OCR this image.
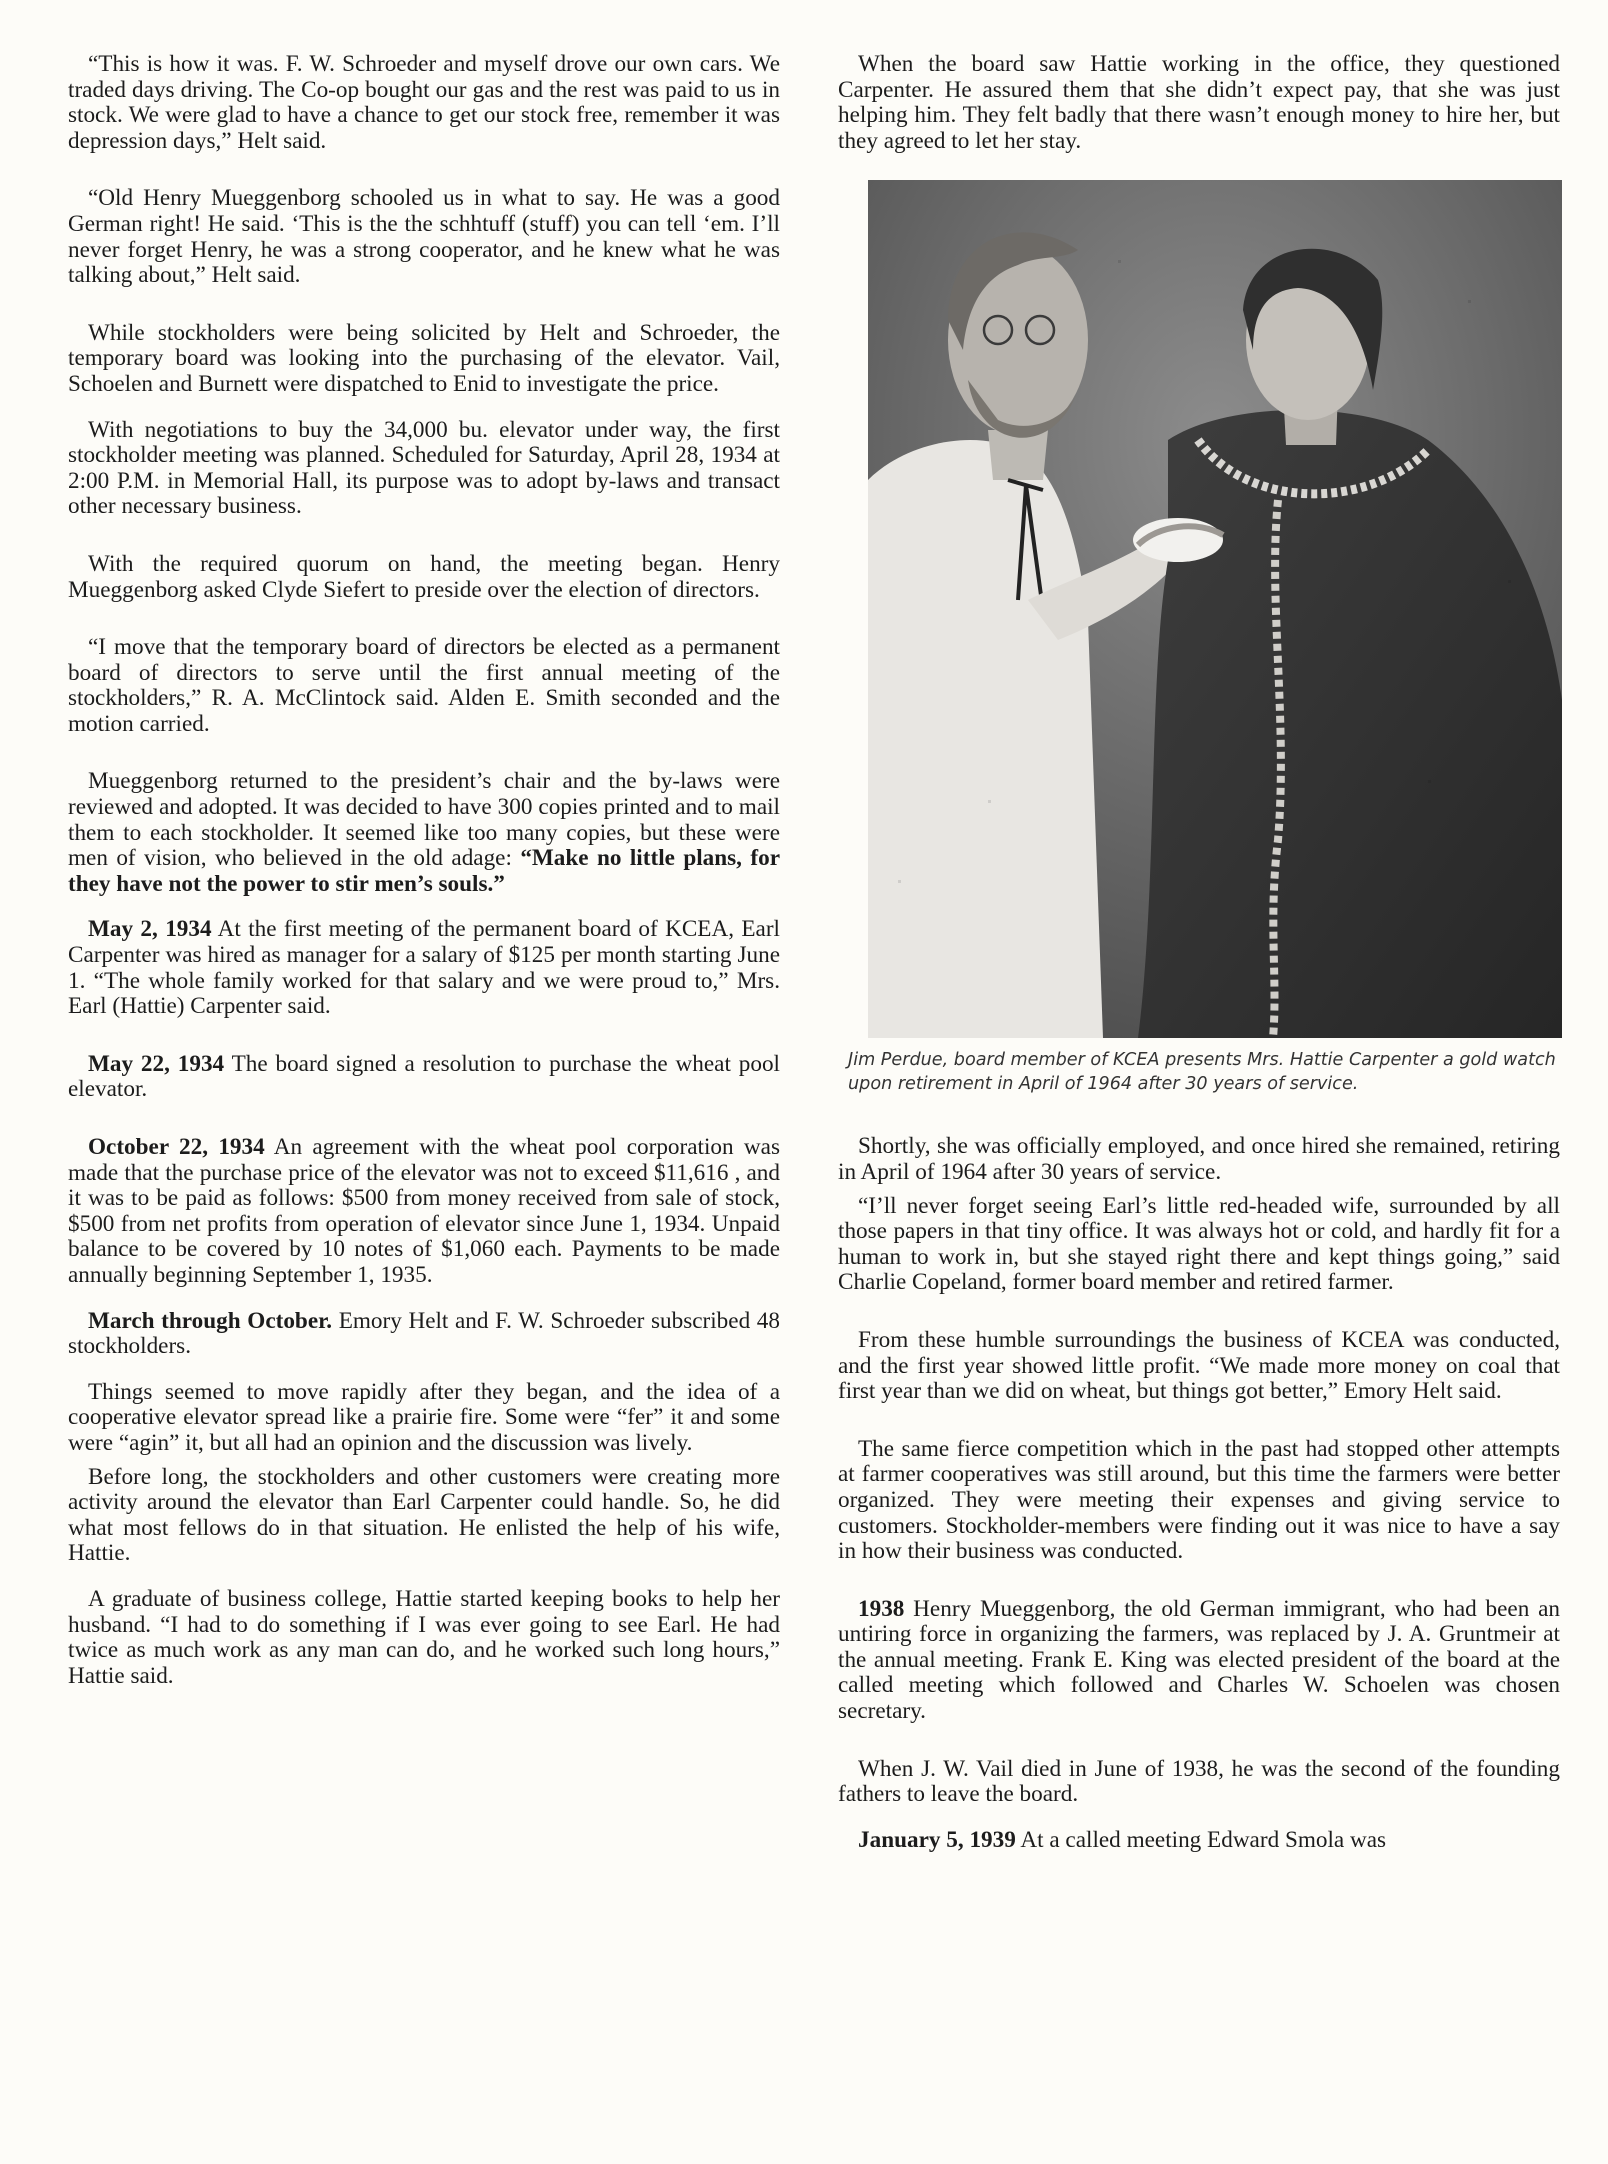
“This is how it was. F. W. Schroeder and myself drove our own cars. We traded days driving. The Co-op bought our gas and the rest was paid to us in stock. We were glad to have a chance to get our stock free, remember it was depression days,” Helt said.

“Old Henry Mueggenborg schooled us in what to say. He was a good German right! He said. ‘This is the the schhtuff (stuff) you can tell ‘em. I’ll never forget Henry, he was a strong cooperator, and he knew what he was talking about,” Helt said.

While stockholders were being solicited by Helt and Schroeder, the temporary board was looking into the purchasing of the elevator. Vail, Schoelen and Burnett were dispatched to Enid to investigate the price.

With negotiations to buy the 34,000 bu. elevator under way, the first stockholder meeting was planned. Scheduled for Saturday, April 28, 1934 at 2:00 P.M. in Memorial Hall, its purpose was to adopt by-laws and transact other necessary business.

With the required quorum on hand, the meeting began. Henry Mueggenborg asked Clyde Siefert to preside over the election of directors.

“I move that the temporary board of directors be elected as a permanent board of directors to serve until the first annual meeting of the stockholders,” R. A. McClintock said. Alden E. Smith seconded and the motion carried.

Mueggenborg returned to the president’s chair and the by-laws were reviewed and adopted. It was decided to have 300 copies printed and to mail them to each stockholder. It seemed like too many copies, but these were men of vision, who believed in the old adage: “Make no little plans, for they have not the power to stir men’s souls.”

May 2, 1934 At the first meeting of the permanent board of KCEA, Earl Carpenter was hired as manager for a salary of $125 per month starting June 1. “The whole family worked for that salary and we were proud to,” Mrs. Earl (Hattie) Carpenter said.

May 22, 1934 The board signed a resolution to purchase the wheat pool elevator.

October 22, 1934 An agreement with the wheat pool corporation was made that the purchase price of the elevator was not to exceed $11,616 , and it was to be paid as follows: $500 from money received from sale of stock, $500 from net profits from operation of elevator since June 1, 1934. Unpaid balance to be covered by 10 notes of $1,060 each. Payments to be made annually beginning September 1, 1935.

March through October. Emory Helt and F. W. Schroeder subscribed 48 stockholders.

Things seemed to move rapidly after they began, and the idea of a cooperative elevator spread like a prairie fire. Some were “fer” it and some were “agin” it, but all had an opinion and the discussion was lively.

Before long, the stockholders and other customers were creating more activity around the elevator than Earl Carpenter could handle. So, he did what most fellows do in that situation. He enlisted the help of his wife, Hattie.

A graduate of business college, Hattie started keeping books to help her husband. “I had to do something if I was ever going to see Earl. He had twice as much work as any man can do, and he worked such long hours,” Hattie said.

When the board saw Hattie working in the office, they questioned Carpenter. He assured them that she didn’t expect pay, that she was just helping him. They felt badly that there wasn’t enough money to hire her, but they agreed to let her stay.

Jim Perdue, board member of KCEA presents Mrs. Hattie Carpenter a gold watch upon retirement in April of 1964 after 30 years of service.

Shortly, she was officially employed, and once hired she remained, retiring in April of 1964 after 30 years of service.

“I’ll never forget seeing Earl’s little red-headed wife, surrounded by all those papers in that tiny office. It was always hot or cold, and hardly fit for a human to work in, but she stayed right there and kept things going,” said Charlie Copeland, former board member and retired farmer.

From these humble surroundings the business of KCEA was conducted, and the first year showed little profit. “We made more money on coal that first year than we did on wheat, but things got better,” Emory Helt said.

The same fierce competition which in the past had stopped other attempts at farmer cooperatives was still around, but this time the farmers were better organized. They were meeting their expenses and giving service to customers. Stockholder-members were finding out it was nice to have a say in how their business was conducted.

1938 Henry Mueggenborg, the old German immigrant, who had been an untiring force in organizing the farmers, was replaced by J. A. Gruntmeir at the annual meeting. Frank E. King was elected president of the board at the called meeting which followed and Charles W. Schoelen was chosen secretary.

When J. W. Vail died in June of 1938, he was the second of the founding fathers to leave the board.

January 5, 1939 At a called meeting Edward Smola was
